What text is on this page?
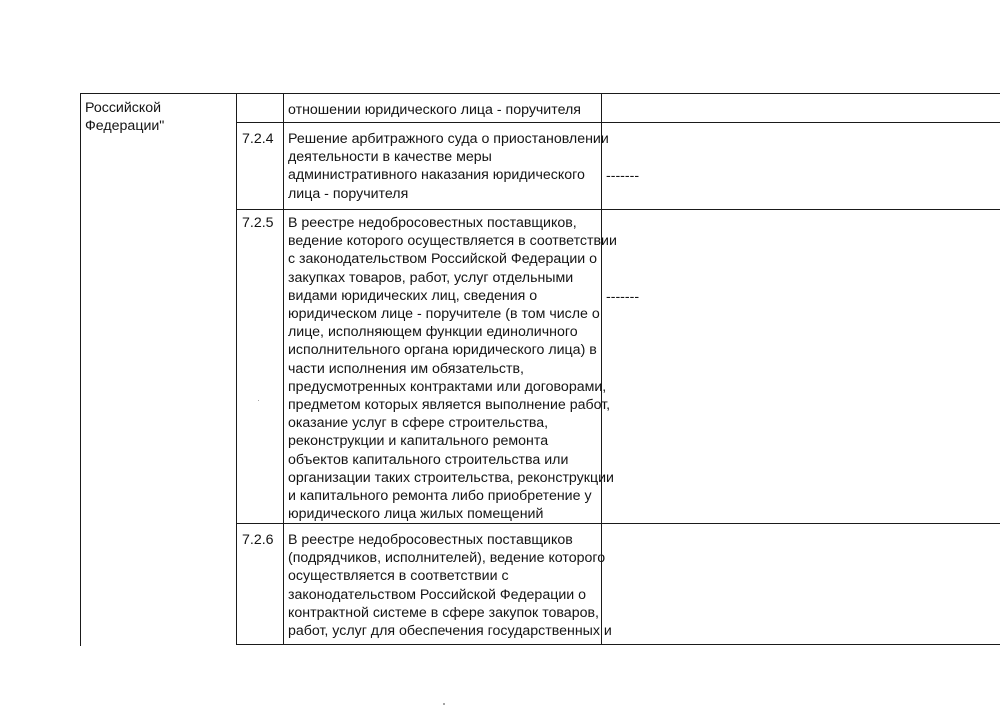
Российской
Федерации"
отношении юридического лица - поручителя
7.2.4 Решение арбитражного суда о приостановлении
деятельности в качестве меры
административного наказания юридического
лица - поручителя
-------
7.2.5 В реестре недобросовестных поставщиков,
ведение которого осуществляется в соответствии
с законодательством Российской Федерации о
закупках товаров, работ, услуг отдельными
видами юридических лиц, сведения о
юридическом лице - поручителе (в том числе о
лице, исполняющем функции единоличного
исполнительного органа юридического лица) в
части исполнения им обязательств,
предусмотренных контрактами или договорами,
предметом которых является выполнение работ,
оказание услуг в сфере строительства,
реконструкции и капитального ремонта
объектов капитального строительства или
организации таких строительства, реконструкции
и капитального ремонта либо приобретение у
юридического лица жилых помещений
-------
7.2.6 В реестре недобросовестных поставщиков
(подрядчиков, исполнителей), ведение которого
осуществляется в соответствии с
законодательством Российской Федерации о
контрактной системе в сфере закупок товаров,
работ, услуг для обеспечения государственных и
